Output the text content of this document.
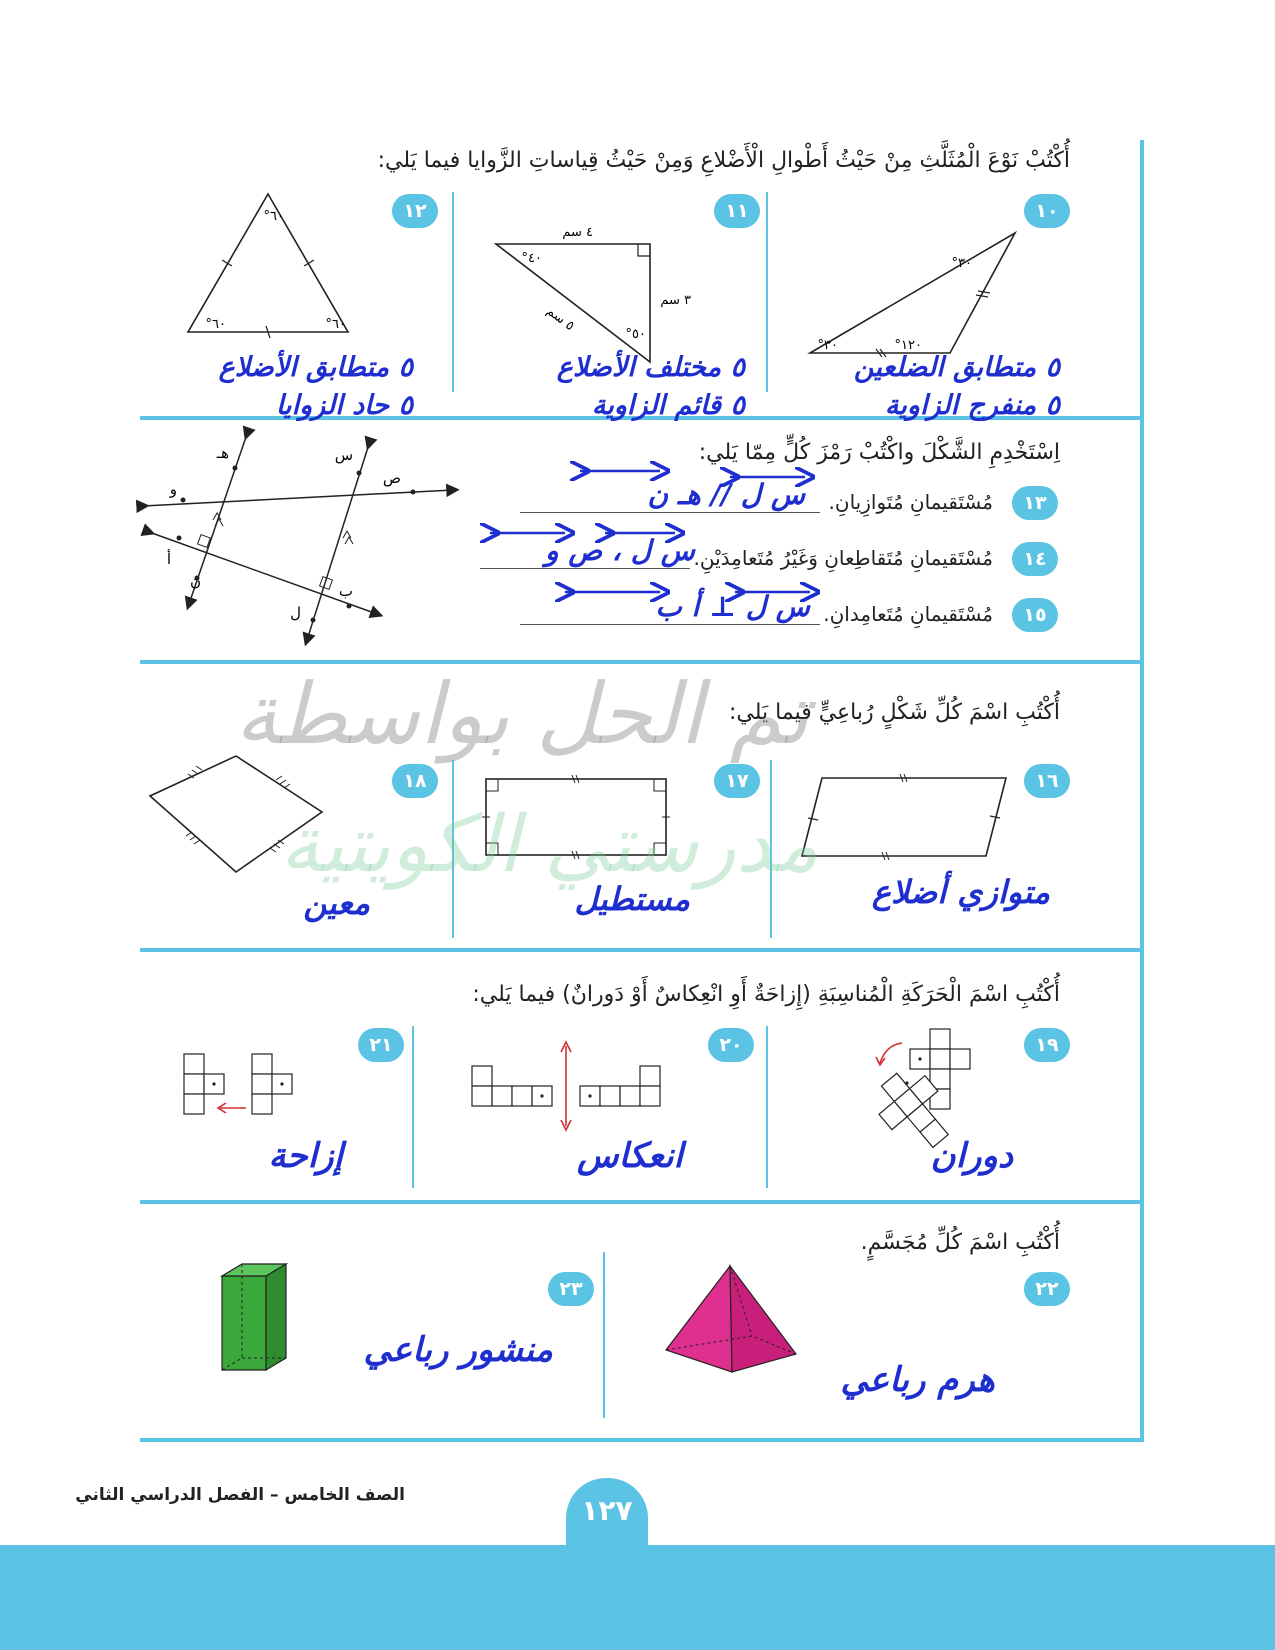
أُكْتُبْ نَوْعَ الْمُثَلَّثِ مِنْ حَيْثُ أَطْوالِ الْأَضْلاعِ وَمِنْ حَيْثُ قِياساتِ الزَّوايا فيما يَلي:
١٠
١١
١٢
٣٠°
١٢٠°
٣٠°
٤ سم
٣ سم
٥ سم
٤٠°
٥٠°
٦٠°
٦٠°	٦٠°
٥ متطابق الضلعين
٥ منفرج الزاوية
٥ مختلف الأضلاع
٥ قائم الزاوية
٥ متطابق الأضلاع
٥ حاد الزوايا
اِسْتَخْدِمِ الشَّكْلَ واكْتُبْ رَمْزَ كُلٍّ مِمّا يَلي:
١٣
مُسْتَقيمانِ مُتَوازِيانِ.
س ل // هـ ن
١٤
مُسْتَقيمانِ مُتَقاطِعانِ وَغَيْرُ مُتَعامِدَيْنِ.
س ل ، ص و
١٥
مُسْتَقيمانِ مُتَعامِدانِ.
س ل ⊥ أ ب
هـ	س
ص
و
أ
ن
ب
ل
أُكْتُبِ اسْمَ كُلِّ شَكْلٍ رُباعِيٍّ فيما يَلي:
١٦
١٧
١٨
متوازي أضلاع
مستطيل
معين
أُكْتُبِ اسْمَ الْحَرَكَةِ الْمُناسِبَةِ (إِزاحَةٌ أَوِ انْعِكاسٌ أَوْ دَورانٌ) فيما يَلي:
١٩
٢٠
٢١
دوران
انعكاس
إزاحة
أُكْتُبِ اسْمَ كُلِّ مُجَسَّمٍ.
٢٢
٢٣
هرم رباعي
منشور رباعي
تم الحل بواسطة
مدرستي الكويتية
١٢٧
الصف الخامس – الفصل الدراسي الثاني
